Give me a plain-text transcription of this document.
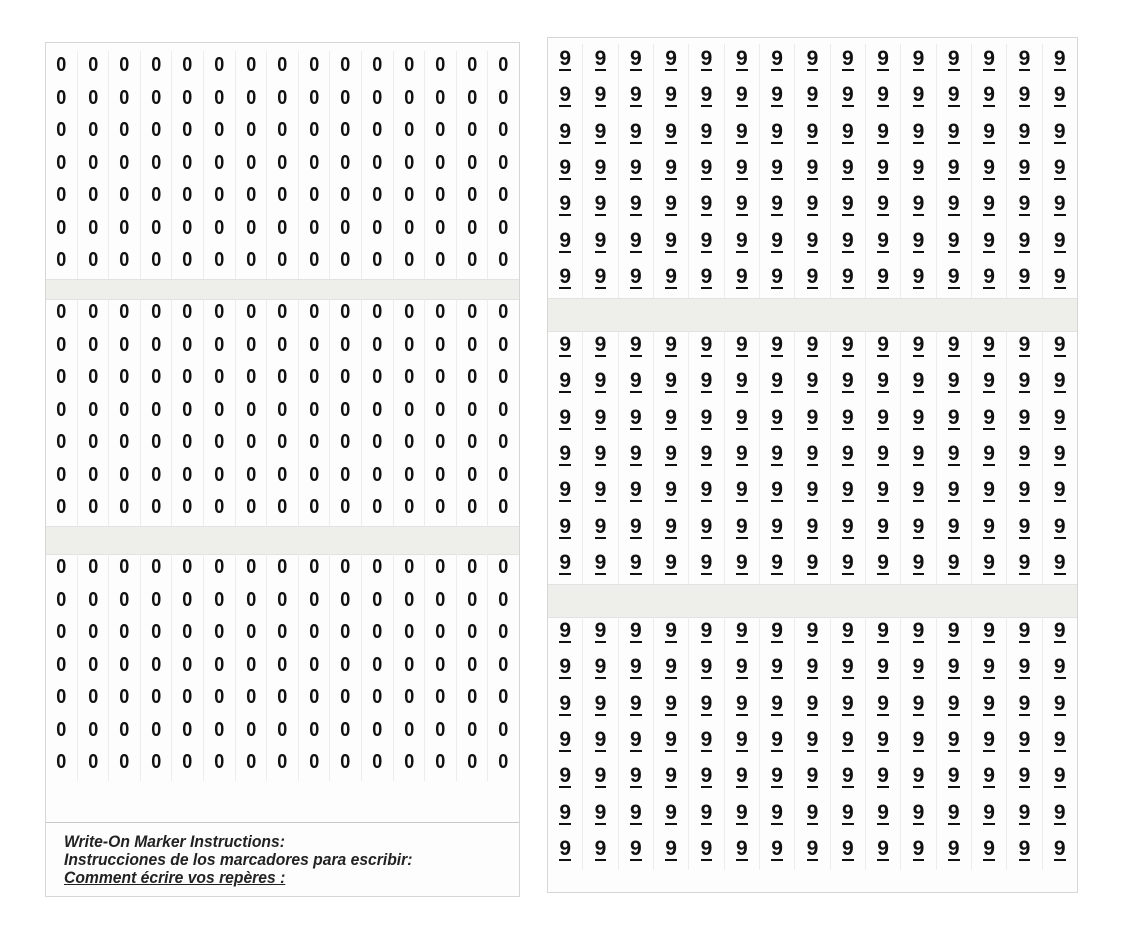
0
0
0
0
0
0
0
0
0
0
0
0
0
0
0
0
0
0
0
0
0
0
0
0
0
0
0
0
0
0
0
0
0
0
0
0
0
0
0
0
0
0
0
0
0
0
0
0
0
0
0
0
0
0
0
0
0
0
0
0
0
0
0
0
0
0
0
0
0
0
0
0
0
0
0
0
0
0
0
0
0
0
0
0
0
0
0
0
0
0
0
0
0
0
0
0
0
0
0
0
0
0
0
0
0
0
0
0
0
0
0
0
0
0
0
0
0
0
0
0
0
0
0
0
0
0
0
0
0
0
0
0
0
0
0
0
0
0
0
0
0
0
0
0
0
0
0
0
0
0
0
0
0
0
0
0
0
0
0
0
0
0
0
0
0
0
0
0
0
0
0
0
0
0
0
0
0
0
0
0
0
0
0
0
0
0
0
0
0
0
0
0
0
0
0
0
0
0
0
0
0
0
0
0
0
0
0
0
0
0
0
0
0
0
0
0
0
0
0
0
0
0
0
0
0
0
0
0
0
0
0
0
0
0
0
0
0
0
0
0
0
0
0
0
0
0
0
0
0
0
0
0
0
0
0
0
0
0
0
0
0
0
0
0
0
0
0
0
0
0
0
0
0
0
0
0
0
0
0
0
0
0
0
0
0
0
0
0
0
0
0
0
0
0
0
0
0
0
0
0
0
0
0
0
0
0
0
0
0
0
0
0
0
0
0
Write-On Marker Instructions:
Instrucciones de los marcadores para escribir:
Comment écrire vos repères :
9
9
9
9
9
9
9
9
9
9
9
9
9
9
9
9
9
9
9
9
9
9
9
9
9
9
9
9
9
9
9
9
9
9
9
9
9
9
9
9
9
9
9
9
9
9
9
9
9
9
9
9
9
9
9
9
9
9
9
9
9
9
9
9
9
9
9
9
9
9
9
9
9
9
9
9
9
9
9
9
9
9
9
9
9
9
9
9
9
9
9
9
9
9
9
9
9
9
9
9
9
9
9
9
9
9
9
9
9
9
9
9
9
9
9
9
9
9
9
9
9
9
9
9
9
9
9
9
9
9
9
9
9
9
9
9
9
9
9
9
9
9
9
9
9
9
9
9
9
9
9
9
9
9
9
9
9
9
9
9
9
9
9
9
9
9
9
9
9
9
9
9
9
9
9
9
9
9
9
9
9
9
9
9
9
9
9
9
9
9
9
9
9
9
9
9
9
9
9
9
9
9
9
9
9
9
9
9
9
9
9
9
9
9
9
9
9
9
9
9
9
9
9
9
9
9
9
9
9
9
9
9
9
9
9
9
9
9
9
9
9
9
9
9
9
9
9
9
9
9
9
9
9
9
9
9
9
9
9
9
9
9
9
9
9
9
9
9
9
9
9
9
9
9
9
9
9
9
9
9
9
9
9
9
9
9
9
9
9
9
9
9
9
9
9
9
9
9
9
9
9
9
9
9
9
9
9
9
9
9
9
9
9
9
9
